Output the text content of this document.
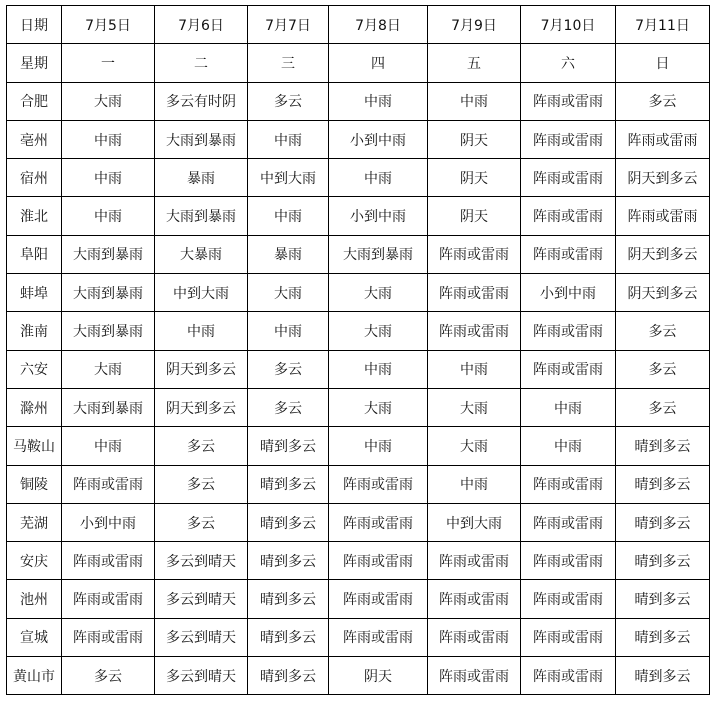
日期	7月5日	7月6日	7月7日	7月8日	7月9日	7月10日	7月11日
星期	一	二	三	四	五	六	日
合肥	大雨	多云有时阴	多云	中雨	中雨	阵雨或雷雨	多云
亳州	中雨	大雨到暴雨	中雨	小到中雨	阴天	阵雨或雷雨	阵雨或雷雨
宿州	中雨	暴雨	中到大雨	中雨	阴天	阵雨或雷雨	阴天到多云
淮北	中雨	大雨到暴雨	中雨	小到中雨	阴天	阵雨或雷雨	阵雨或雷雨
阜阳	大雨到暴雨	大暴雨	暴雨	大雨到暴雨	阵雨或雷雨	阵雨或雷雨	阴天到多云
蚌埠	大雨到暴雨	中到大雨	大雨	大雨	阵雨或雷雨	小到中雨	阴天到多云
淮南	大雨到暴雨	中雨	中雨	大雨	阵雨或雷雨	阵雨或雷雨	多云
六安	大雨	阴天到多云	多云	中雨	中雨	阵雨或雷雨	多云
滁州	大雨到暴雨	阴天到多云	多云	大雨	大雨	中雨	多云
马鞍山	中雨	多云	晴到多云	中雨	大雨	中雨	晴到多云
铜陵	阵雨或雷雨	多云	晴到多云	阵雨或雷雨	中雨	阵雨或雷雨	晴到多云
芜湖	小到中雨	多云	晴到多云	阵雨或雷雨	中到大雨	阵雨或雷雨	晴到多云
安庆	阵雨或雷雨	多云到晴天	晴到多云	阵雨或雷雨	阵雨或雷雨	阵雨或雷雨	晴到多云
池州	阵雨或雷雨	多云到晴天	晴到多云	阵雨或雷雨	阵雨或雷雨	阵雨或雷雨	晴到多云
宣城	阵雨或雷雨	多云到晴天	晴到多云	阵雨或雷雨	阵雨或雷雨	阵雨或雷雨	晴到多云
黄山市	多云	多云到晴天	晴到多云	阴天	阵雨或雷雨	阵雨或雷雨	晴到多云
